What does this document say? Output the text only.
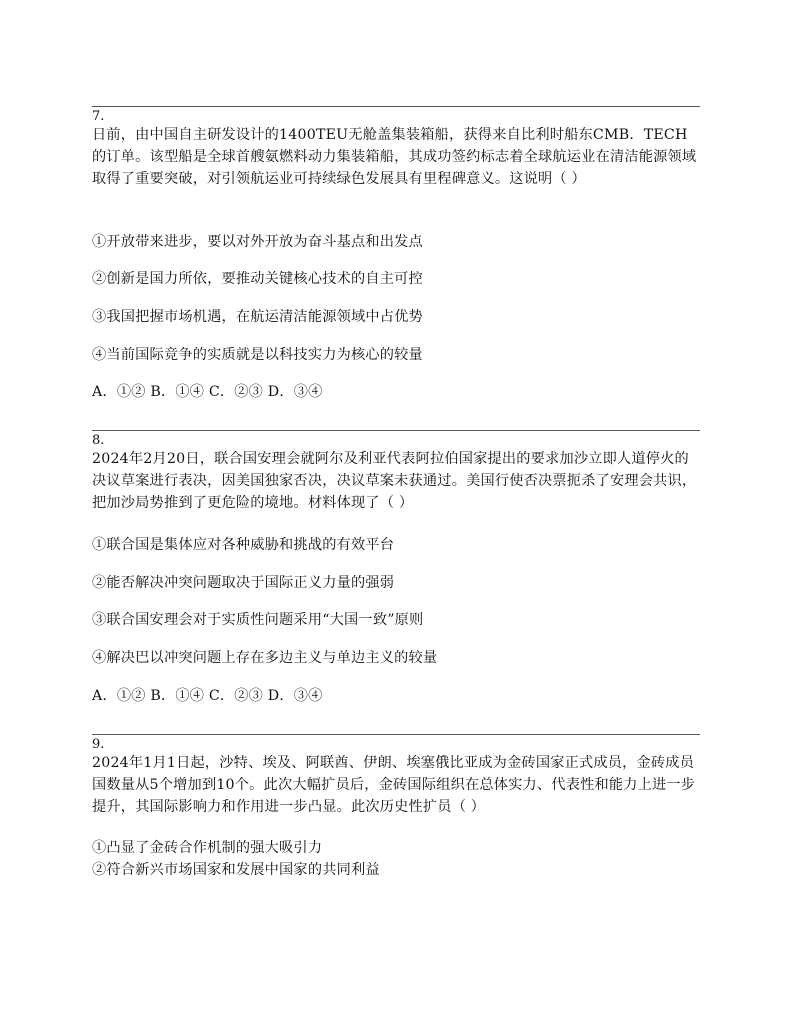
7.
日前，由中国自主研发设计的1400TEU无舱盖集装箱船，获得来自比利时船东CMB．TECH的订单。该型船是全球首艘氨燃料动力集装箱船，其成功签约标志着全球航运业在清洁能源领域取得了重要突破，对引领航运业可持续绿色发展具有里程碑意义。这说明（ ）
①开放带来进步，要以对外开放为奋斗基点和出发点
②创新是国力所依，要推动关键核心技术的自主可控
③我国把握市场机遇，在航运清洁能源领域中占优势
④当前国际竞争的实质就是以科技实力为核心的较量
A．①② B．①④ C．②③ D．③④
8.
2024年2月20日，联合国安理会就阿尔及利亚代表阿拉伯国家提出的要求加沙立即人道停火的决议草案进行表决，因美国独家否决，决议草案未获通过。美国行使否决票扼杀了安理会共识，把加沙局势推到了更危险的境地。材料体现了（ ）
①联合国是集体应对各种威胁和挑战的有效平台
②能否解决冲突问题取决于国际正义力量的强弱
③联合国安理会对于实质性问题采用“大国一致”原则
④解决巴以冲突问题上存在多边主义与单边主义的较量
A．①② B．①④ C．②③ D．③④
9.
2024年1月1日起，沙特、埃及、阿联酋、伊朗、埃塞俄比亚成为金砖国家正式成员，金砖成员国数量从5个增加到10个。此次大幅扩员后，金砖国际组织在总体实力、代表性和能力上进一步提升，其国际影响力和作用进一步凸显。此次历史性扩员（ ）
①凸显了金砖合作机制的强大吸引力
②符合新兴市场国家和发展中国家的共同利益
